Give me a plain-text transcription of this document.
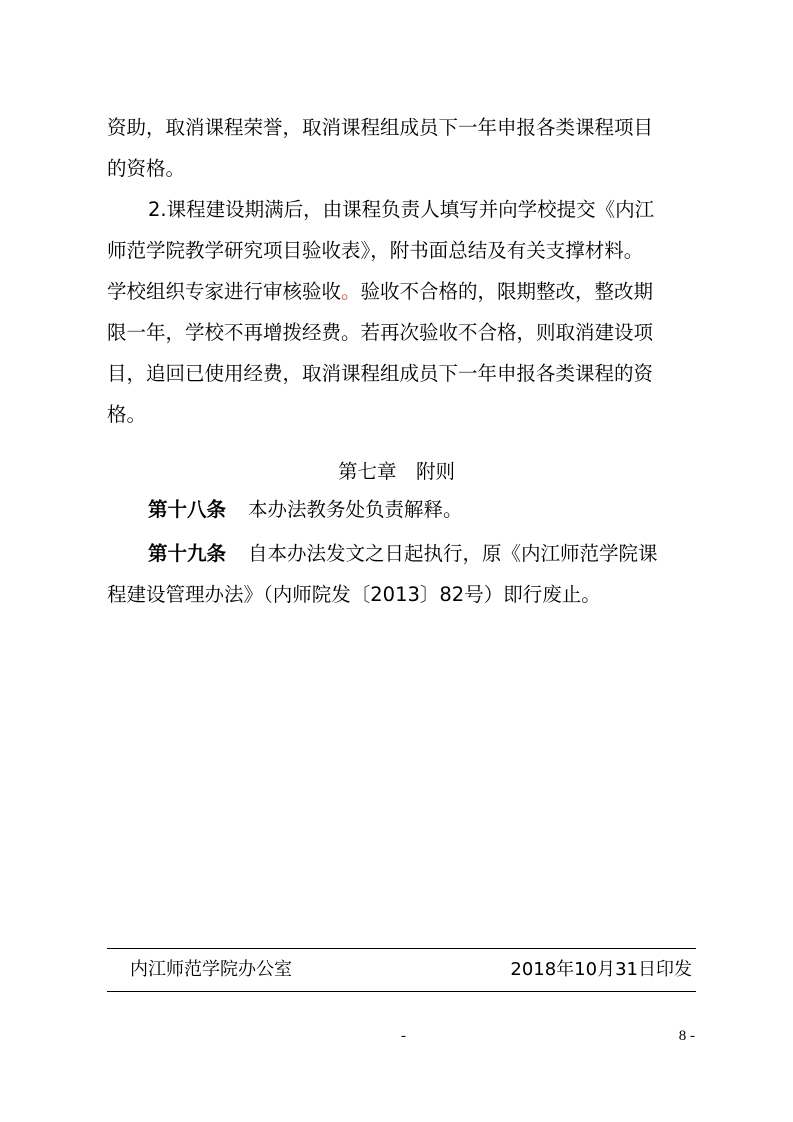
资助，取消课程荣誉，取消课程组成员下一年申报各类课程项目
的资格。
2.课程建设期满后，由课程负责人填写并向学校提交《内江
师范学院教学研究项目验收表》，附书面总结及有关支撑材料。
学校组织专家进行审核验收。验收不合格的，限期整改，整改期
限一年，学校不再增拨经费。若再次验收不合格，则取消建设项
目，追回已使用经费，取消课程组成员下一年申报各类课程的资
格。
第七章　附则
第十八条 本办法教务处负责解释。
第十九条 自本办法发文之日起执行，原《内江师范学院课
程建设管理办法》（内师院发〔2013〕82号）即行废止。
内江师范学院办公室	2018年10月31日印发
-	8 -
